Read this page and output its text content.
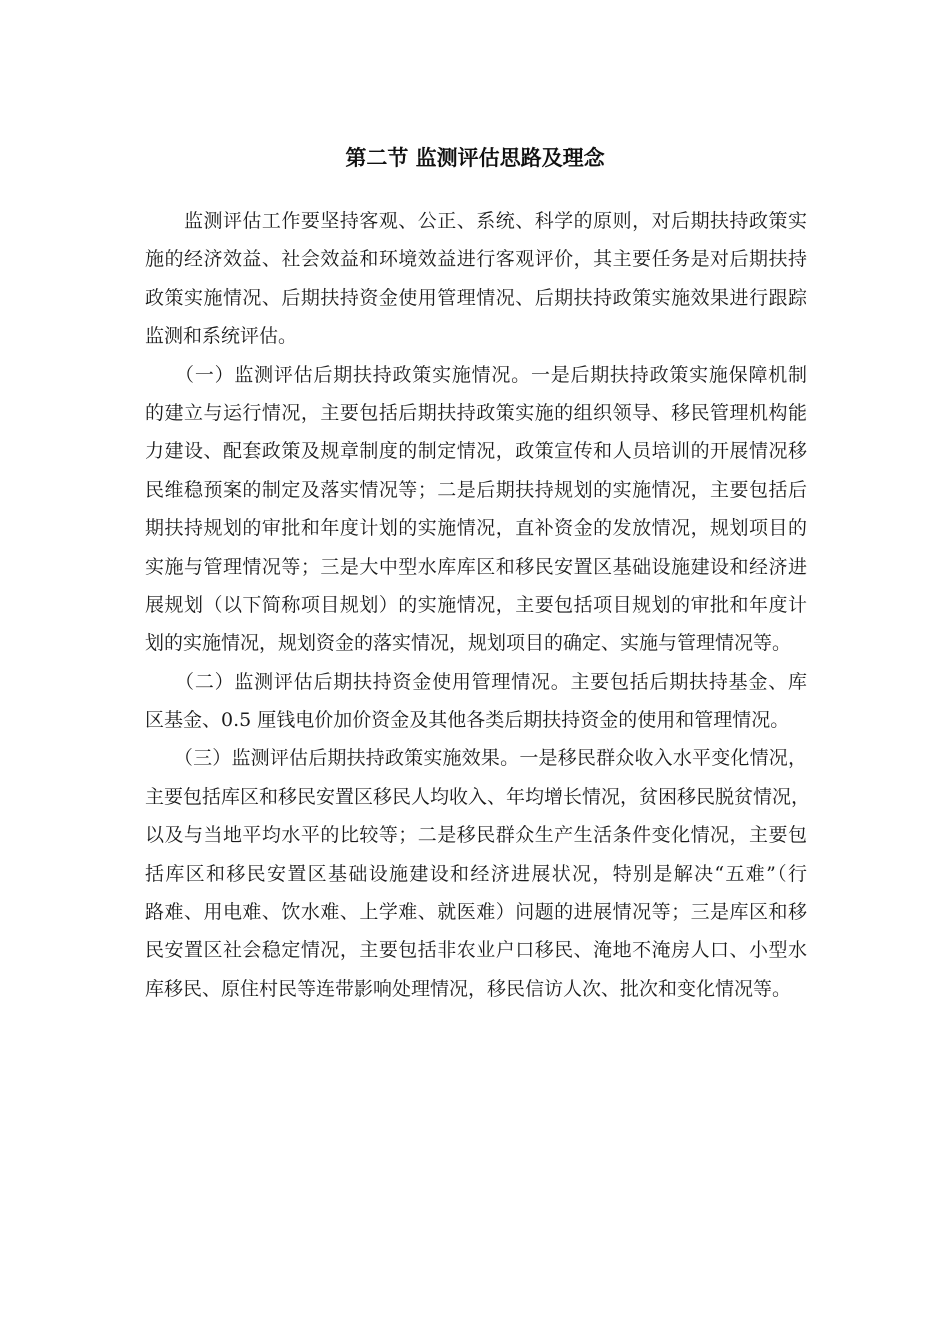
第二节 监测评估思路及理念

　　监测评估工作要坚持客观、公正、系统、科学的原则，对后期扶持政策实
施的经济效益、社会效益和环境效益进行客观评价，其主要任务是对后期扶持
政策实施情况、后期扶持资金使用管理情况、后期扶持政策实施效果进行跟踪
监测和系统评估。

　　（一）监测评估后期扶持政策实施情况。一是后期扶持政策实施保障机制
的建立与运行情况，主要包括后期扶持政策实施的组织领导、移民管理机构能
力建设、配套政策及规章制度的制定情况，政策宣传和人员培训的开展情况移
民维稳预案的制定及落实情况等；二是后期扶持规划的实施情况，主要包括后
期扶持规划的审批和年度计划的实施情况，直补资金的发放情况，规划项目的
实施与管理情况等；三是大中型水库库区和移民安置区基础设施建设和经济进
展规划（以下简称项目规划）的实施情况，主要包括项目规划的审批和年度计
划的实施情况，规划资金的落实情况，规划项目的确定、实施与管理情况等。

　　（二）监测评估后期扶持资金使用管理情况。主要包括后期扶持基金、库
区基金、0.5 厘钱电价加价资金及其他各类后期扶持资金的使用和管理情况。

　　（三）监测评估后期扶持政策实施效果。一是移民群众收入水平变化情况，
主要包括库区和移民安置区移民人均收入、年均增长情况，贫困移民脱贫情况，
以及与当地平均水平的比较等；二是移民群众生产生活条件变化情况，主要包
括库区和移民安置区基础设施建设和经济进展状况，特别是解决“五难”（行
路难、用电难、饮水难、上学难、就医难）问题的进展情况等；三是库区和移
民安置区社会稳定情况，主要包括非农业户口移民、淹地不淹房人口、小型水
库移民、原住村民等连带影响处理情况，移民信访人次、批次和变化情况等。
